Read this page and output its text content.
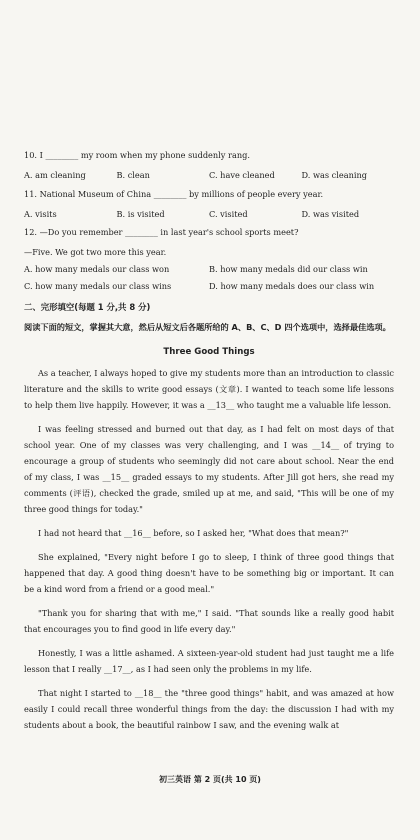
10. I ________ my room when my phone suddenly rang.

A. am cleaning	B. clean	C. have cleaned	D. was cleaning

11. National Museum of China ________ by millions of people every year.

A. visits	B. is visited	C. visited	D. was visited

12. —Do you remember ________ in last year's school sports meet?

—Five. We got two more this year.

A. how many medals our class won	B. how many medals did our class win
C. how many medals our class wins	D. how many medals does our class win
二、完形填空(每题 1 分,共 8 分)
阅读下面的短文，掌握其大意，然后从短文后各题所给的 A、B、C、D 四个选项中，选择最佳选项。
Three Good Things

As a teacher, I always hoped to give my students more than an introduction to classic literature and the skills to write good essays (文章). I wanted to teach some life lessons to help them live happily. However, it was a __13__ who taught me a valuable life lesson.

I was feeling stressed and burned out that day, as I had felt on most days of that school year. One of my classes was very challenging, and I was __14__ of trying to encourage a group of students who seemingly did not care about school. Near the end of my class, I was __15__ graded essays to my students. After Jill got hers, she read my comments (评语), checked the grade, smiled up at me, and said, "This will be one of my three good things for today."

I had not heard that __16__ before, so I asked her, "What does that mean?"

She explained, "Every night before I go to sleep, I think of three good things that happened that day. A good thing doesn't have to be something big or important. It can be a kind word from a friend or a good meal."

"Thank you for sharing that with me," I said. "That sounds like a really good habit that encourages you to find good in life every day."

Honestly, I was a little ashamed. A sixteen-year-old student had just taught me a life lesson that I really __17__, as I had seen only the problems in my life.

That night I started to __18__ the "three good things" habit, and was amazed at how easily I could recall three wonderful things from the day: the discussion I had with my students about a book, the beautiful rainbow I saw, and the evening walk at

初三英语 第 2 页(共 10 页)
